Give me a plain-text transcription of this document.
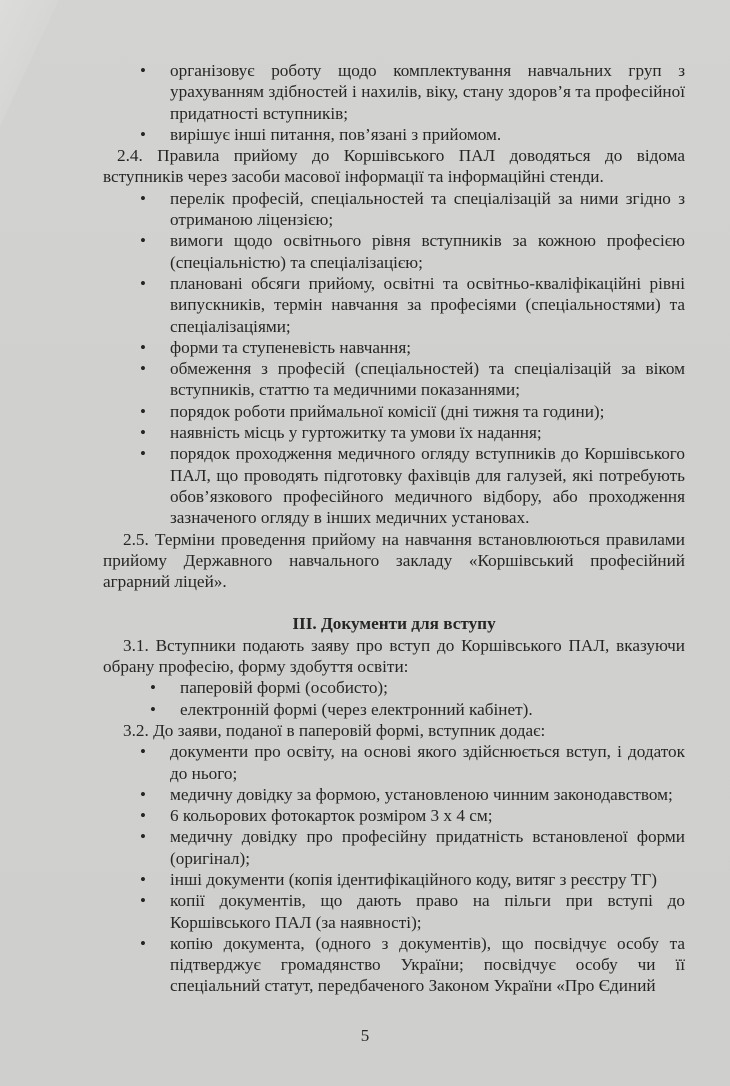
• організовує роботу щодо комплектування навчальних груп з урахуванням здібностей і нахилів, віку, стану здоров’я та професійної придатності вступників;
• вирішує інші питання, пов’язані з прийомом.
2.4. Правила прийому до Коршівського ПАЛ доводяться до відома
вступників через засоби масової інформації та інформаційні стенди.
• перелік професій, спеціальностей та спеціалізацій за ними згідно з отриманою ліцензією;
• вимоги щодо освітнього рівня вступників за кожною професією (спеціальністю) та спеціалізацією;
• плановані обсяги прийому, освітні та освітньо-кваліфікаційні рівні випускників, термін навчання за професіями (спеціальностями) та спеціалізаціями;
• форми та ступеневість навчання;
• обмеження з професій (спеціальностей) та спеціалізацій за віком вступників, статтю та медичними показаннями;
• порядок роботи приймальної комісії (дні тижня та години);
• наявність місць у гуртожитку та умови їх надання;
• порядок проходження медичного огляду вступників до Коршівського ПАЛ, що проводять підготовку фахівців для галузей, які потребують обов’язкового професійного медичного відбору, або проходження зазначеного огляду в інших медичних установах.
2.5. Терміни проведення прийому на навчання встановлюються правилами прийому Державного навчального закладу «Коршівський професійний аграрний ліцей».
ІІІ. Документи для вступу
3.1. Вступники подають заяву про вступ до Коршівського ПАЛ, вказуючи обрану професію, форму здобуття освіти:
• паперовій формі (особисто);
• електронній формі (через електронний кабінет).
3.2. До заяви, поданої в паперовій формі, вступник додає:
• документи про освіту, на основі якого здійснюється вступ, і додаток до нього;
• медичну довідку за формою, установленою чинним законодавством;
• 6 кольорових фотокарток розміром 3 х 4 см;
• медичну довідку про професійну придатність встановленої форми (оригінал);
• інші документи (копія ідентифікаційного коду, витяг з реєстру ТГ)
• копії документів, що дають право на пільги при вступі до Коршівського ПАЛ (за наявності);
• копію документа, (одного з документів), що посвідчує особу та підтверджує громадянство України; посвідчує особу чи її спеціальний статут, передбаченого Законом України «Про Єдиний
5
